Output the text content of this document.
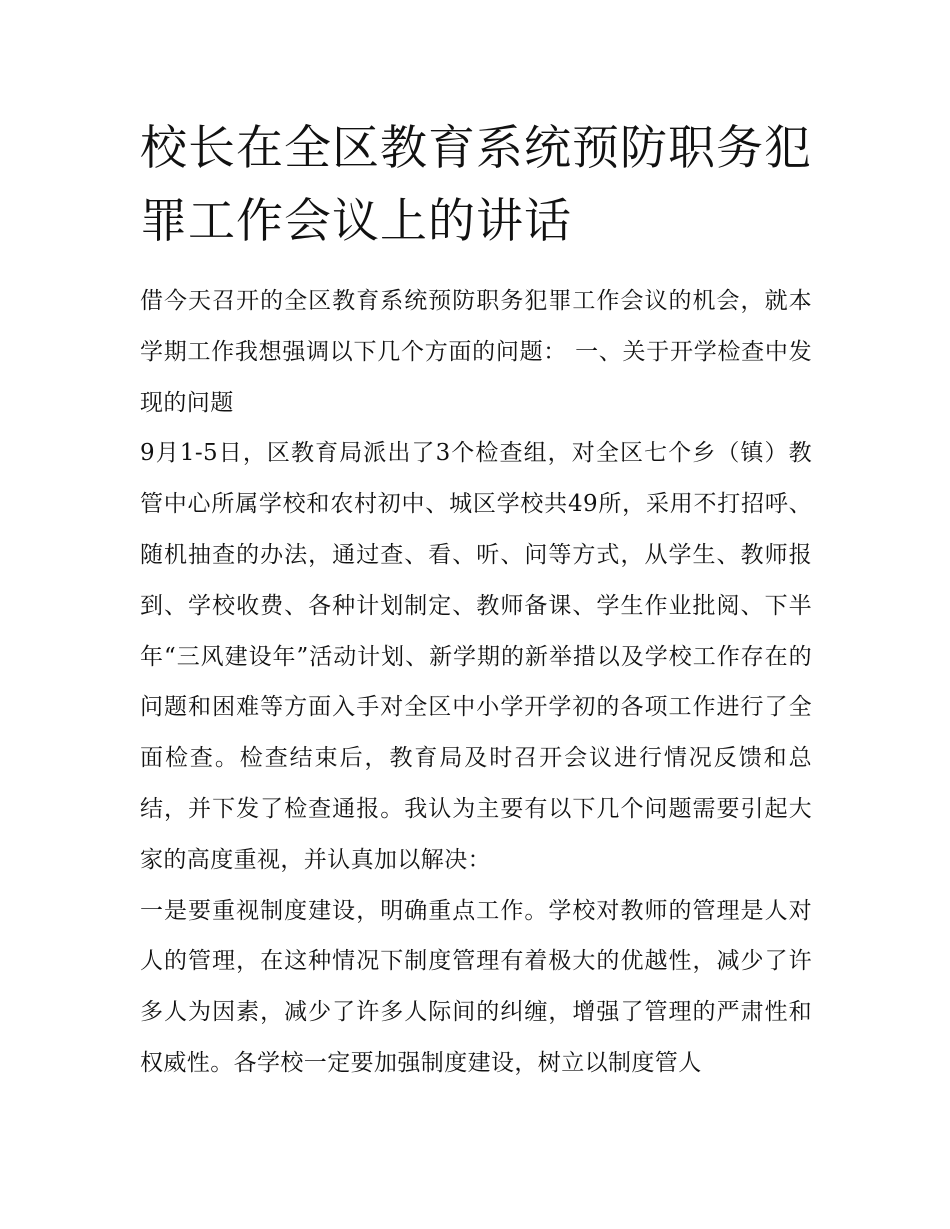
校长在全区教育系统预防职务犯罪工作会议上的讲话

借今天召开的全区教育系统预防职务犯罪工作会议的机会，就本学期工作我想强调以下几个方面的问题： 一、关于开学检查中发现的问题

9月1-5日，区教育局派出了3个检查组，对全区七个乡（镇）教管中心所属学校和农村初中、城区学校共49所，采用不打招呼、随机抽查的办法，通过查、看、听、问等方式，从学生、教师报到、学校收费、各种计划制定、教师备课、学生作业批阅、下半年“三风建设年”活动计划、新学期的新举措以及学校工作存在的问题和困难等方面入手对全区中小学开学初的各项工作进行了全面检查。检查结束后，教育局及时召开会议进行情况反馈和总结，并下发了检查通报。我认为主要有以下几个问题需要引起大家的高度重视，并认真加以解决：

一是要重视制度建设，明确重点工作。学校对教师的管理是人对人的管理，在这种情况下制度管理有着极大的优越性，减少了许多人为因素，减少了许多人际间的纠缠，增强了管理的严肃性和权威性。各学校一定要加强制度建设，树立以制度管人
